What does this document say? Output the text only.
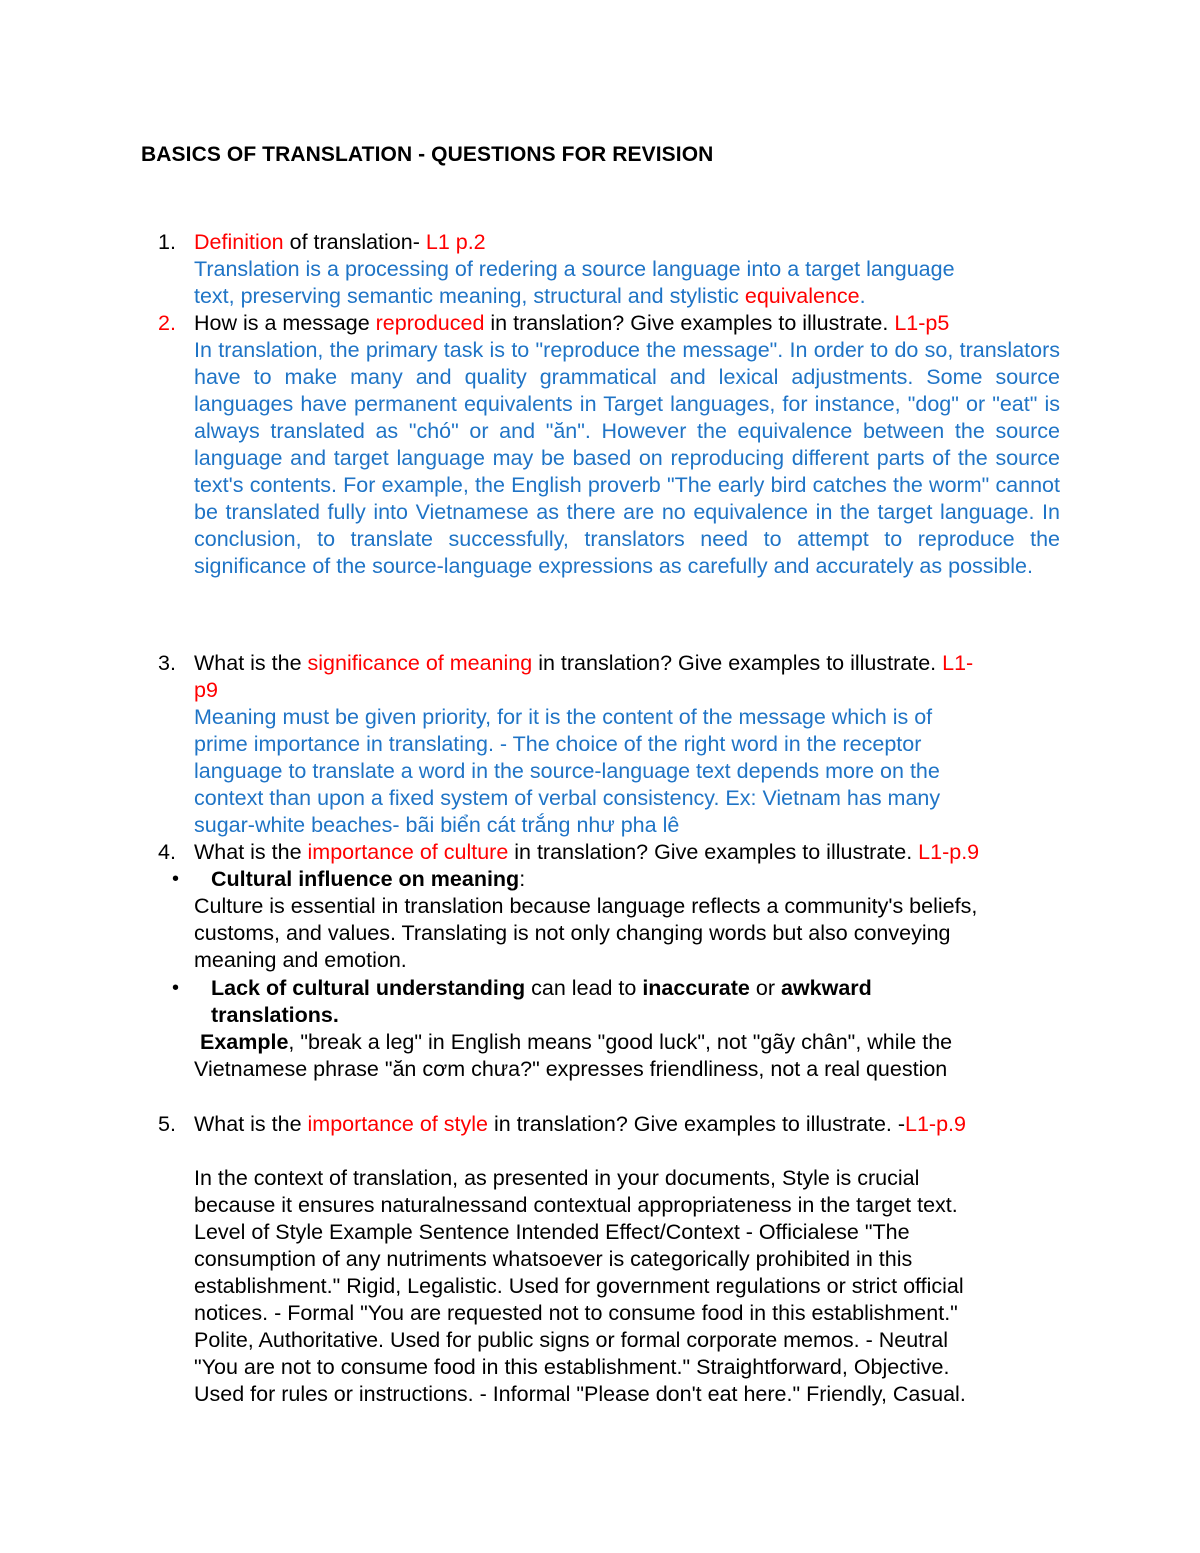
BASICS OF TRANSLATION - QUESTIONS FOR REVISION
1. Definition of translation- L1 p.2
Translation is a processing of redering a source language into a target language
text, preserving semantic meaning, structural and stylistic equivalence.
2. How is a message reproduced in translation? Give examples to illustrate. L1-p5
In translation, the primary task is to "reproduce the message". In order to do so, translators have to make many and quality grammatical and lexical adjustments. Some source languages have permanent equivalents in Target languages, for instance, "dog" or "eat" is always translated as "chó" or and "ăn". However the equivalence between the source language and target language may be based on reproducing different parts of the source text's contents. For example, the English proverb "The early bird catches the worm" cannot be translated fully into Vietnamese as there are no equivalence in the target language. In conclusion, to translate successfully, translators need to attempt to reproduce the significance of the source-language expressions as carefully and accurately as possible.
3. What is the significance of meaning in translation? Give examples to illustrate. L1-
p9
Meaning must be given priority, for it is the content of the message which is of
prime importance in translating. - The choice of the right word in the receptor
language to translate a word in the source-language text depends more on the
context than upon a fixed system of verbal consistency. Ex: Vietnam has many
sugar-white beaches- bãi biển cát trắng như pha lê
4. What is the importance of culture in translation? Give examples to illustrate. L1-p.9
• Cultural influence on meaning:
Culture is essential in translation because language reflects a community's beliefs,
customs, and values. Translating is not only changing words but also conveying
meaning and emotion.
• Lack of cultural understanding can lead to inaccurate or awkward
translations.
Example, "break a leg" in English means "good luck", not "gãy chân", while the
Vietnamese phrase "ăn cơm chưa?" expresses friendliness, not a real question
5. What is the importance of style in translation? Give examples to illustrate. -L1-p.9
In the context of translation, as presented in your documents, Style is crucial
because it ensures naturalnessand contextual appropriateness in the target text.
Level of Style Example Sentence Intended Effect/Context - Officialese "The
consumption of any nutriments whatsoever is categorically prohibited in this
establishment." Rigid, Legalistic. Used for government regulations or strict official
notices. - Formal "You are requested not to consume food in this establishment."
Polite, Authoritative. Used for public signs or formal corporate memos. - Neutral
"You are not to consume food in this establishment." Straightforward, Objective.
Used for rules or instructions. - Informal "Please don't eat here." Friendly, Casual.
